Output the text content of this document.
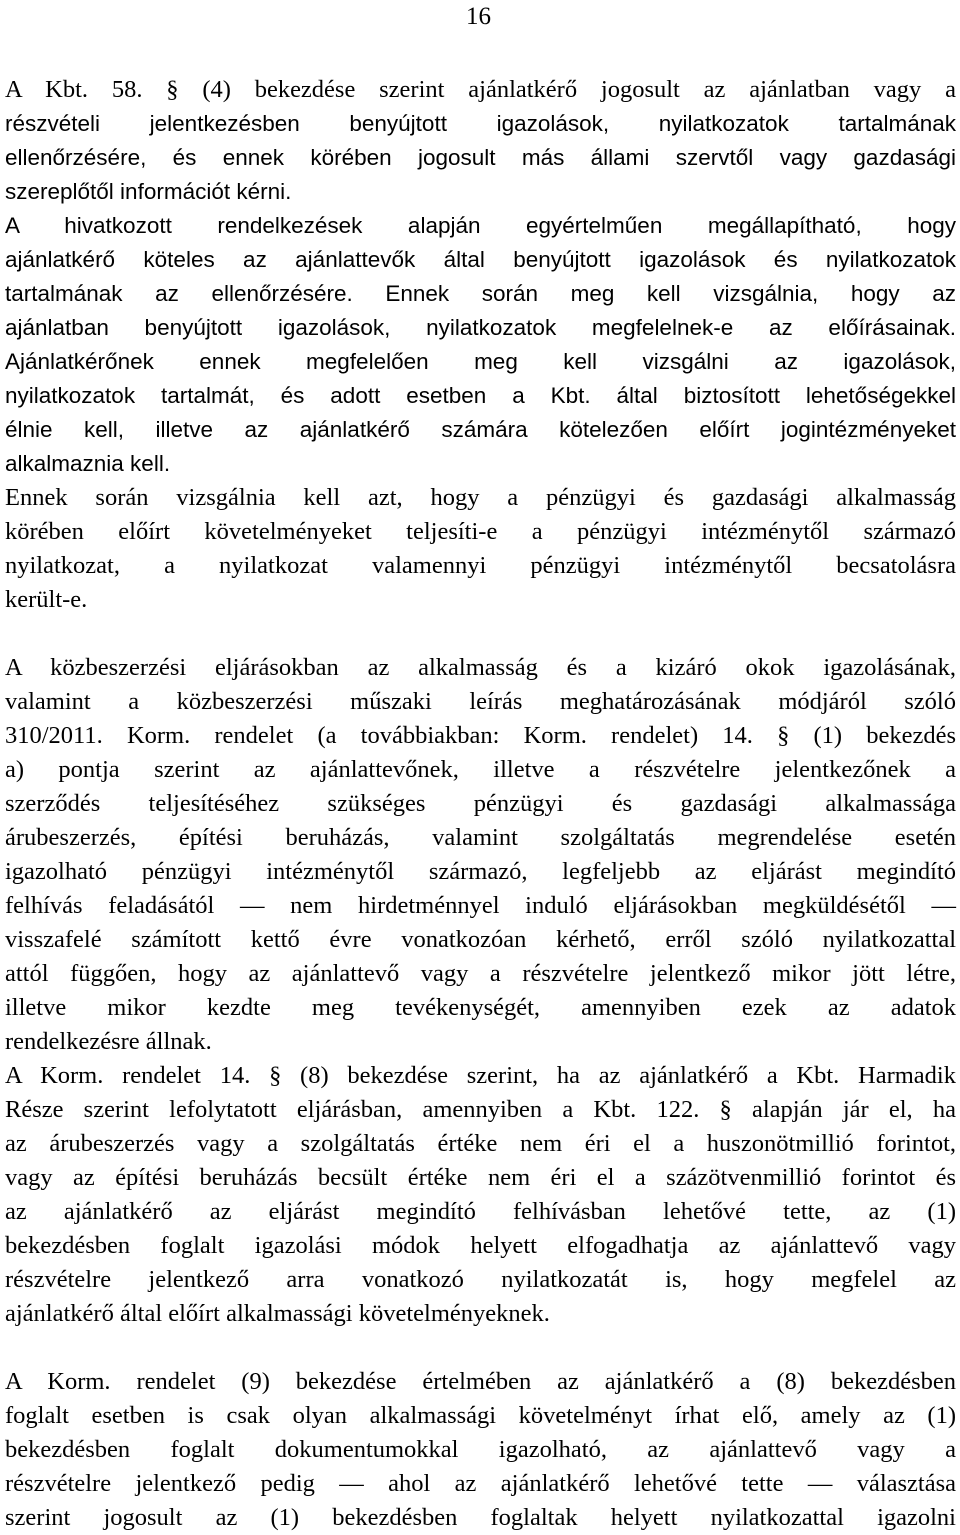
16
A Kbt. 58. § (4) bekezdése szerint ajánlatkérő jogosult az ajánlatban vagy a
részvételi jelentkezésben benyújtott igazolások, nyilatkozatok tartalmának
ellenőrzésére, és ennek körében jogosult más állami szervtől vagy gazdasági
szereplőtől információt kérni.
A hivatkozott rendelkezések alapján egyértelműen megállapítható, hogy
ajánlatkérő köteles az ajánlattevők által benyújtott igazolások és nyilatkozatok
tartalmának az ellenőrzésére. Ennek során meg kell vizsgálnia, hogy az
ajánlatban benyújtott igazolások, nyilatkozatok megfelelnek-e az előírásainak.
Ajánlatkérőnek ennek megfelelően meg kell vizsgálni az igazolások,
nyilatkozatok tartalmát, és adott esetben a Kbt. által biztosított lehetőségekkel
élnie kell, illetve az ajánlatkérő számára kötelezően előírt jogintézményeket
alkalmaznia kell.
Ennek során vizsgálnia kell azt, hogy a pénzügyi és gazdasági alkalmasság
körében előírt követelményeket teljesíti-e a pénzügyi intézménytől származó
nyilatkozat, a nyilatkozat valamennyi pénzügyi intézménytől becsatolásra
került-e.
A közbeszerzési eljárásokban az alkalmasság és a kizáró okok igazolásának,
valamint a közbeszerzési műszaki leírás meghatározásának módjáról szóló
310/2011. Korm. rendelet (a továbbiakban: Korm. rendelet) 14. § (1) bekezdés
a) pontja szerint az ajánlattevőnek, illetve a részvételre jelentkezőnek a
szerződés teljesítéséhez szükséges pénzügyi és gazdasági alkalmassága
árubeszerzés, építési beruházás, valamint szolgáltatás megrendelése esetén
igazolható pénzügyi intézménytől származó, legfeljebb az eljárást megindító
felhívás feladásától — nem hirdetménnyel induló eljárásokban megküldésétől —
visszafelé számított kettő évre vonatkozóan kérhető, erről szóló nyilatkozattal
attól függően, hogy az ajánlattevő vagy a részvételre jelentkező mikor jött létre,
illetve mikor kezdte meg tevékenységét, amennyiben ezek az adatok
rendelkezésre állnak.
A Korm. rendelet 14. § (8) bekezdése szerint, ha az ajánlatkérő a Kbt. Harmadik
Része szerint lefolytatott eljárásban, amennyiben a Kbt. 122. § alapján jár el, ha
az árubeszerzés vagy a szolgáltatás értéke nem éri el a huszonötmillió forintot,
vagy az építési beruházás becsült értéke nem éri el a százötvenmillió forintot és
az ajánlatkérő az eljárást megindító felhívásban lehetővé tette, az (1)
bekezdésben foglalt igazolási módok helyett elfogadhatja az ajánlattevő vagy
részvételre jelentkező arra vonatkozó nyilatkozatát is, hogy megfelel az
ajánlatkérő által előírt alkalmassági követelményeknek.
A Korm. rendelet (9) bekezdése értelmében az ajánlatkérő a (8) bekezdésben
foglalt esetben is csak olyan alkalmassági követelményt írhat elő, amely az (1)
bekezdésben foglalt dokumentumokkal igazolható, az ajánlattevő vagy a
részvételre jelentkező pedig — ahol az ajánlatkérő lehetővé tette — választása
szerint jogosult az (1) bekezdésben foglaltak helyett nyilatkozattal igazolni
